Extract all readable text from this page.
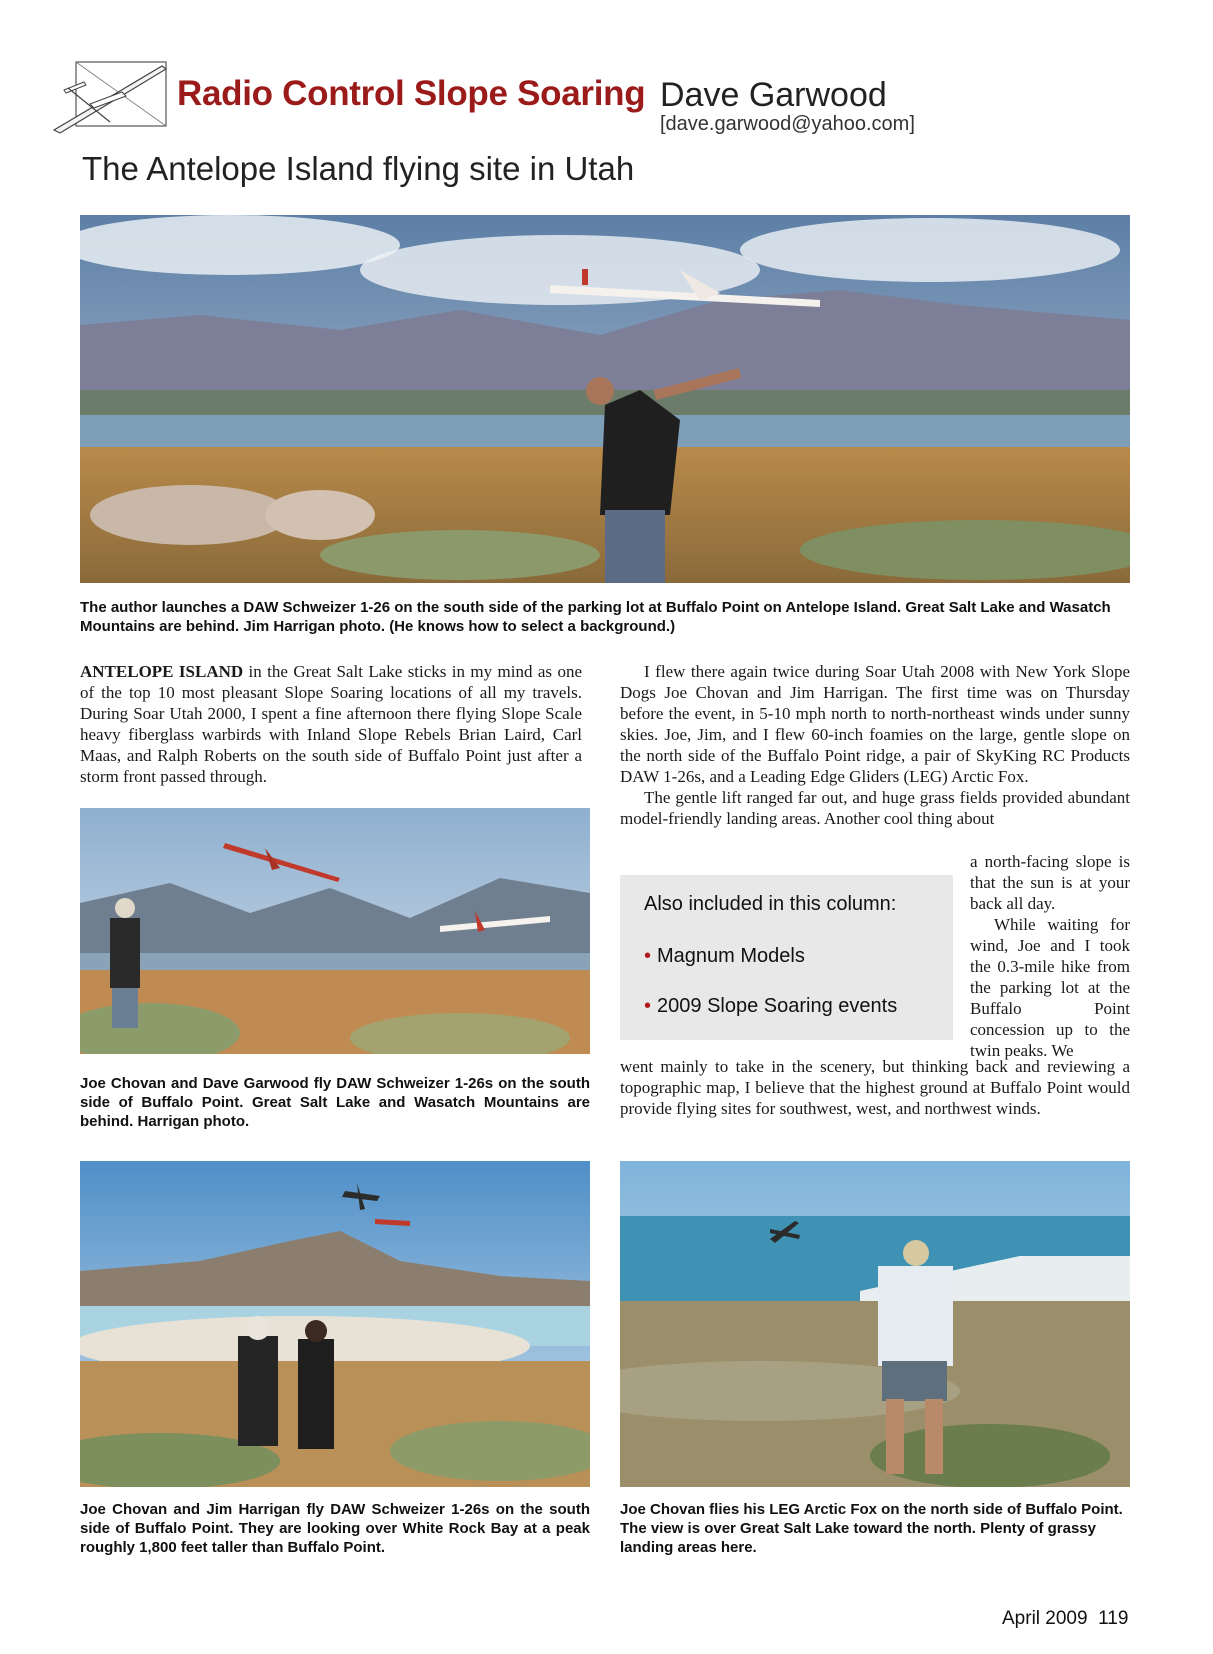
Radio Control Slope Soaring Dave Garwood
[dave.garwood@yahoo.com]
The Antelope Island flying site in Utah
The author launches a DAW Schweizer 1-26 on the south side of the parking lot at Buffalo Point on Antelope Island. Great Salt Lake and Wasatch Mountains are behind. Jim Harrigan photo. (He knows how to select a background.)

ANTELOPE ISLAND in the Great Salt Lake sticks in my mind as one of the top 10 most pleasant Slope Soaring locations of all my travels. During Soar Utah 2000, I spent a fine afternoon there flying Slope Scale heavy fiberglass warbirds with Inland Slope Rebels Brian Laird, Carl Maas, and Ralph Roberts on the south side of Buffalo Point just after a storm front passed through.

Joe Chovan and Dave Garwood fly DAW Schweizer 1-26s on the south side of Buffalo Point. Great Salt Lake and Wasatch Mountains are behind. Harrigan photo.

I flew there again twice during Soar Utah 2008 with New York Slope Dogs Joe Chovan and Jim Harrigan. The first time was on Thursday before the event, in 5-10 mph north to north-northeast winds under sunny skies. Joe, Jim, and I flew 60-inch foamies on the large, gentle slope on the north side of the Buffalo Point ridge, a pair of SkyKing RC Products DAW 1-26s, and a Leading Edge Gliders (LEG) Arctic Fox.

The gentle lift ranged far out, and huge grass fields provided abundant model-friendly landing areas. Another cool thing about

a north-facing slope is that the sun is at your back all day.

While waiting for wind, Joe and I took the 0.3-mile hike from the parking lot at the Buffalo Point concession up to the twin peaks. We

went mainly to take in the scenery, but thinking back and reviewing a topographic map, I believe that the highest ground at Buffalo Point would provide flying sites for southwest, west, and northwest winds.

Also included in this column:
• Magnum Models
• 2009 Slope Soaring events
Joe Chovan and Jim Harrigan fly DAW Schweizer 1-26s on the south side of Buffalo Point. They are looking over White Rock Bay at a peak roughly 1,800 feet taller than Buffalo Point.
Joe Chovan flies his LEG Arctic Fox on the north side of Buffalo Point. The view is over Great Salt Lake toward the north. Plenty of grassy landing areas here.
April 2009  119
